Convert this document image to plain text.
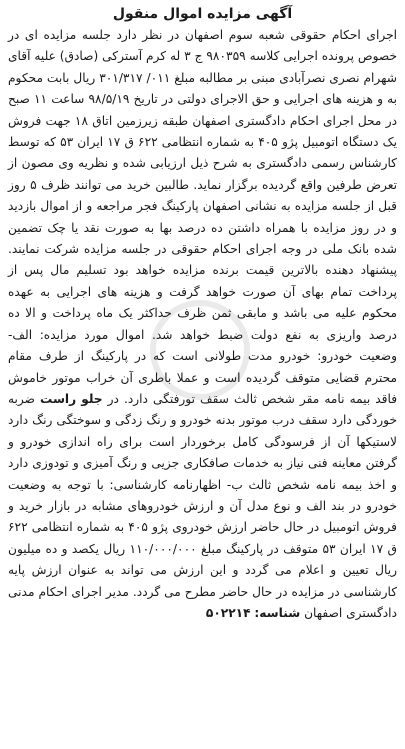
آگهی مزایده اموال منقول

اجرای احکام حقوقی شعبه سوم اصفهان در نظر دارد جلسه مزایده ای در خصوص پرونده اجرایی کلاسه ۹۸۰۳۵۹ ج ۳ له کرم آسترکی (صادق) علیه آقای شهرام نصری نصرآبادی مبنی بر مطالبه مبلغ ۰۱۱/ ۳۰۱/۳۱۷ ریال بابت محکوم به و هزینه های اجرایی و حق الاجرای دولتی در تاریخ ۹۸/۵/۱۹ ساعت ۱۱ صبح در محل اجرای احکام دادگستری اصفهان طبقه زیرزمین اتاق ۱۸ جهت فروش یک دستگاه اتومبیل پژو ۴۰۵ به شماره انتظامی ۶۲۲ ق ۱۷ ایران ۵۳ که توسط کارشناس رسمی دادگستری به شرح ذیل ارزیابی شده و نظریه وی مصون از تعرض طرفین واقع گردیده برگزار نماید. طالبین خرید می توانند ظرف ۵ روز قبل از جلسه مزایده به نشانی اصفهان پارکینگ فجر مراجعه و از اموال بازدید و در روز مزایده با همراه داشتن ده درصد بها به صورت نقد یا چک تضمین شده بانک ملی در وجه اجرای احکام حقوقی در جلسه مزایده شرکت نمایند. پیشنهاد دهنده بالاترین قیمت برنده مزایده خواهد بود تسلیم مال پس از پرداخت تمام بهای آن صورت خواهد گرفت و هزینه های اجرایی به عهده محکوم علیه می باشد و مابقی ثمن ظرف حداکثر یک ماه پرداخت و الا ده درصد واریزی به نفع دولت ضبط خواهد شد. اموال مورد مزایده: الف- وضعیت خودرو: خودرو مدت طولانی است که در پارکینگ از طرف مقام محترم قضایی متوقف گردیده است و عملا باطری آن خراب موتور خاموش فاقد بیمه نامه مقر شخص ثالث سقف تورفتگی دارد. در جلو راست ضربه خوردگی دارد سقف درب موتور بدنه خودرو و رنگ زدگی و سوختگی رنگ دارد لاستیکها آن از فرسودگی کامل برخوردار است برای راه اندازی خودرو و گرفتن معاینه فنی نیاز به خدمات صافکاری جزیی و رنگ آمیزی و تودوزی دارد و اخذ بیمه نامه شخص ثالث ب- اظهارنامه کارشناسی: با توجه به وضعیت خودرو در بند الف و نوع مدل آن و ارزش خودروهای مشابه در بازار خرید و فروش اتومبیل در حال حاضر ارزش خودروی پژو ۴۰۵ به شماره انتظامی ۶۲۲ ق ۱۷ ایران ۵۳ متوقف در پارکینگ مبلغ ۱۱۰/۰۰۰/۰۰۰ ریال یکصد و ده میلیون ریال تعیین و اعلام می گردد و این ارزش می تواند به عنوان ارزش پایه کارشناسی در مزایده در حال حاضر مطرح می گردد. مدیر اجرای احکام مدنی دادگستری اصفهان شناسه: ۵۰۲۲۱۴
